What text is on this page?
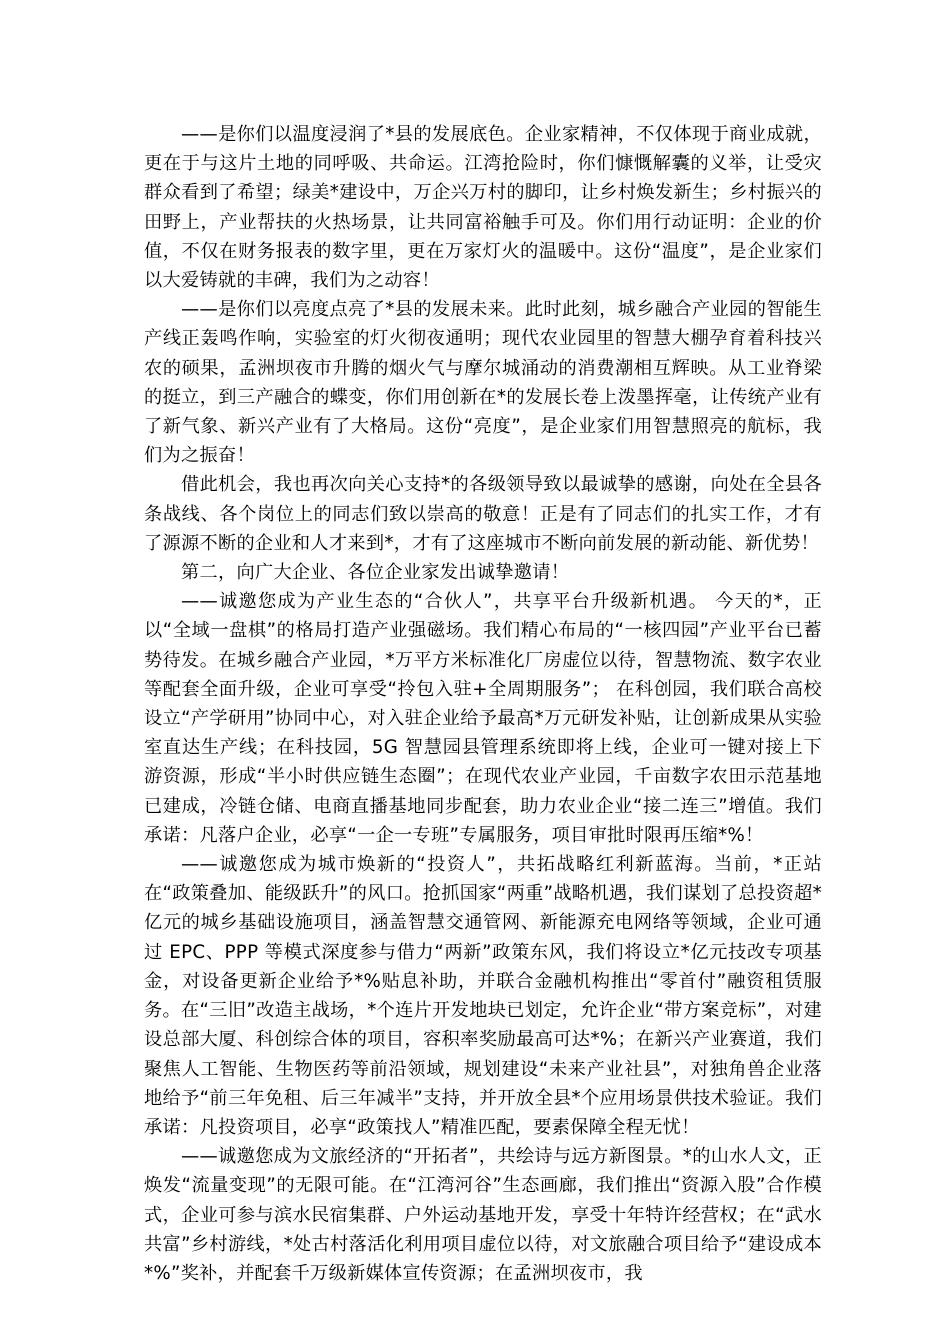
——是你们以温度浸润了*县的发展底色。企业家精神，不仅体现于商业成就，更在于与这片土地的同呼吸、共命运。江湾抢险时，你们慷慨解囊的义举，让受灾群众看到了希望；绿美*建设中，万企兴万村的脚印，让乡村焕发新生；乡村振兴的田野上，产业帮扶的火热场景，让共同富裕触手可及。你们用行动证明：企业的价值，不仅在财务报表的数字里，更在万家灯火的温暖中。这份“温度”，是企业家们以大爱铸就的丰碑，我们为之动容！

——是你们以亮度点亮了*县的发展未来。此时此刻，城乡融合产业园的智能生产线正轰鸣作响，实验室的灯火彻夜通明；现代农业园里的智慧大棚孕育着科技兴农的硕果，孟洲坝夜市升腾的烟火气与摩尔城涌动的消费潮相互辉映。从工业脊梁的挺立，到三产融合的蝶变，你们用创新在*的发展长卷上泼墨挥毫，让传统产业有了新气象、新兴产业有了大格局。这份“亮度”，是企业家们用智慧照亮的航标，我们为之振奋！

借此机会，我也再次向关心支持*的各级领导致以最诚挚的感谢，向处在全县各条战线、各个岗位上的同志们致以崇高的敬意！正是有了同志们的扎实工作，才有了源源不断的企业和人才来到*，才有了这座城市不断向前发展的新动能、新优势！

第二，向广大企业、各位企业家发出诚挚邀请！

——诚邀您成为产业生态的“合伙人”，共享平台升级新机遇。 今天的*，正以“全域一盘棋”的格局打造产业强磁场。我们精心布局的“一核四园”产业平台已蓄势待发。在城乡融合产业园，*万平方米标准化厂房虚位以待，智慧物流、数字农业等配套全面升级，企业可享受“拎包入驻+全周期服务”； 在科创园，我们联合高校设立“产学研用”协同中心，对入驻企业给予最高*万元研发补贴，让创新成果从实验室直达生产线；在科技园，5G 智慧园县管理系统即将上线，企业可一键对接上下游资源，形成“半小时供应链生态圈”；在现代农业产业园，千亩数字农田示范基地已建成，冷链仓储、电商直播基地同步配套，助力农业企业“接二连三”增值。我们承诺：凡落户企业，必享“一企一专班”专属服务，项目审批时限再压缩*%！

——诚邀您成为城市焕新的“投资人”，共拓战略红利新蓝海。当前，*正站在“政策叠加、能级跃升”的风口。抢抓国家“两重”战略机遇，我们谋划了总投资超*亿元的城乡基础设施项目，涵盖智慧交通管网、新能源充电网络等领域，企业可通过 EPC、PPP 等模式深度参与借力“两新”政策东风，我们将设立*亿元技改专项基金，对设备更新企业给予*%贴息补助，并联合金融机构推出“零首付”融资租赁服务。在“三旧”改造主战场，*个连片开发地块已划定，允许企业“带方案竞标”，对建设总部大厦、科创综合体的项目，容积率奖励最高可达*%；在新兴产业赛道，我们聚焦人工智能、生物医药等前沿领域，规划建设“未来产业社县”，对独角兽企业落地给予“前三年免租、后三年减半”支持，并开放全县*个应用场景供技术验证。我们承诺：凡投资项目，必享“政策找人”精准匹配，要素保障全程无忧！

——诚邀您成为文旅经济的“开拓者”，共绘诗与远方新图景。*的山水人文，正焕发“流量变现”的无限可能。在“江湾河谷”生态画廊，我们推出“资源入股”合作模式，企业可参与滨水民宿集群、户外运动基地开发，享受十年特许经营权；在“武水共富”乡村游线，*处古村落活化利用项目虚位以待，对文旅融合项目给予“建设成本*%”奖补，并配套千万级新媒体宣传资源；在孟洲坝夜市，我
